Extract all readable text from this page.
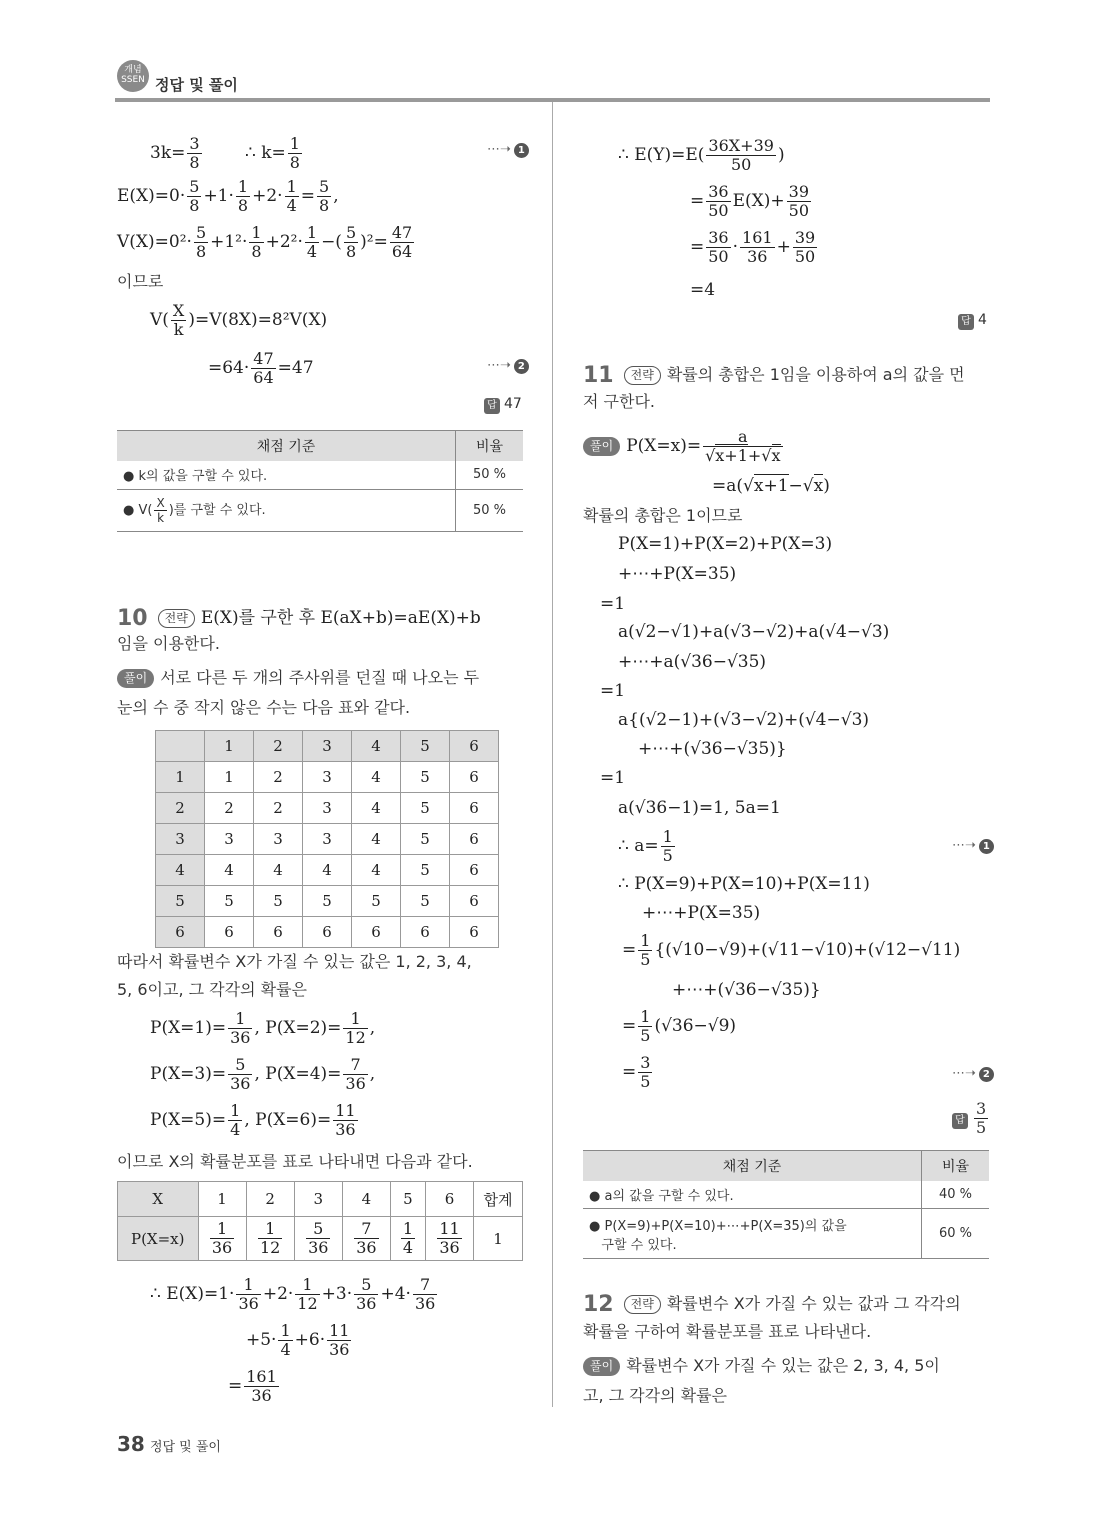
개념 SSEN 정답 및 풀이
$3k= \frac{3}{8}$	∴ $k= \frac{1}{8}$	⋯➝ 1
$E(X)=0\cdot \frac{5}{8} +1\cdot \frac{1}{8} +2\cdot \frac{1}{4} = \frac{5}{8}$ ,
$V(X)=0^2\cdot \frac{5}{8} +1^2\cdot \frac{1}{8} +2^2\cdot \frac{1}{4}$ −( $\frac{5}{8} )^2= \frac{47}{64}$
이므로
$V( \frac{X}{k} )=V(8X)=8^2V(X)$
$=64\cdot \frac{47}{64} =47$	⋯➝ 2
답 47
채점 기준	비율
● k의 값을 구할 수 있다.	50 %
● $V( \frac{X}{k}$ )를 구할 수 있다.	50 %
10 전략 E(X)를 구한 후 E(aX+b)=aE(X)+b
임을 이용한다.
풀이 서로 다른 두 개의 주사위를 던질 때 나오는 두
눈의 수 중 작지 않은 수는 다음 표와 같다.
	1	2	3	4	5	6
1	1	2	3	4	5	6
2	2	2	3	4	5	6
3	3	3	3	4	5	6
4	4	4	4	4	5	6
5	5	5	5	5	5	6
6	6	6	6	6	6	6
따라서 확률변수 X가 가질 수 있는 값은 1, 2, 3, 4,
5, 6이고, 그 각각의 확률은
$P(X=1)= \frac{1}{36}$ , $P(X=2)= \frac{1}{12}$ ,
$P(X=3)= \frac{5}{36}$ , $P(X=4)= \frac{7}{36}$ ,
$P(X=5)= \frac{1}{4}$ , $P(X=6)= \frac{11}{36}$
이므로 X의 확률분포를 표로 나타내면 다음과 같다.
X	1	2	3	4	5	6	합계
P(X=x)	$\frac{1}{36}$	$\frac{1}{12}$	$\frac{5}{36}$	$\frac{7}{36}$	$\frac{1}{4}$	$\frac{11}{36}$	1
∴ $E(X)=1\cdot \frac{1}{36} +2\cdot \frac{1}{12} +3\cdot \frac{5}{36} +4\cdot \frac{7}{36}$
$+5\cdot \frac{1}{4} +6\cdot \frac{11}{36}$
= $\frac{161}{36}$
38 정답 및 풀이
∴ $E(Y)=E( \frac{36X+39}{50}$ )
= $\frac{36}{50} E(X)+ \frac{39}{50}$
= $\frac{36}{50} \cdot \frac{161}{36} + \frac{39}{50}$
=4
답 4
11 전략 확률의 총합은 1임을 이용하여 a의 값을 먼
저 구한다.
풀이 $P(X=x)= \frac{a}{√x+1+√x}$
=a(√x+1−√x)
확률의 총합은 1이므로
P(X=1)+P(X=2)+P(X=3)
+⋯+P(X=35)
=1
a(√2−√1)+a(√3−√2)+a(√4−√3)
+⋯+a(√36−√35)
=1
a{(√2−1)+(√3−√2)+(√4−√3)
+⋯+(√36−√35)}
=1
a(√36−1)=1, 5a=1
∴ $a= \frac{1}{5}$	⋯➝ 1
∴ P(X=9)+P(X=10)+P(X=11)
+⋯+P(X=35)
= $\frac{1}{5} \{(√10-√9)+(√11-√10)+(√12-√11)$
+⋯+(√36−√35)}
= $\frac{1}{5} (√36-√9)$
= $\frac{3}{5}$	⋯➝ 2
답 $\frac{3}{5}$
채점 기준	비율
● a의 값을 구할 수 있다.	40 %
● P(X=9)+P(X=10)+⋯+P(X=35)의 값을
구할 수 있다.	60 %
12 전략 확률변수 X가 가질 수 있는 값과 그 각각의
확률을 구하여 확률분포를 표로 나타낸다.
풀이 확률변수 X가 가질 수 있는 값은 2, 3, 4, 5이
고, 그 각각의 확률은
